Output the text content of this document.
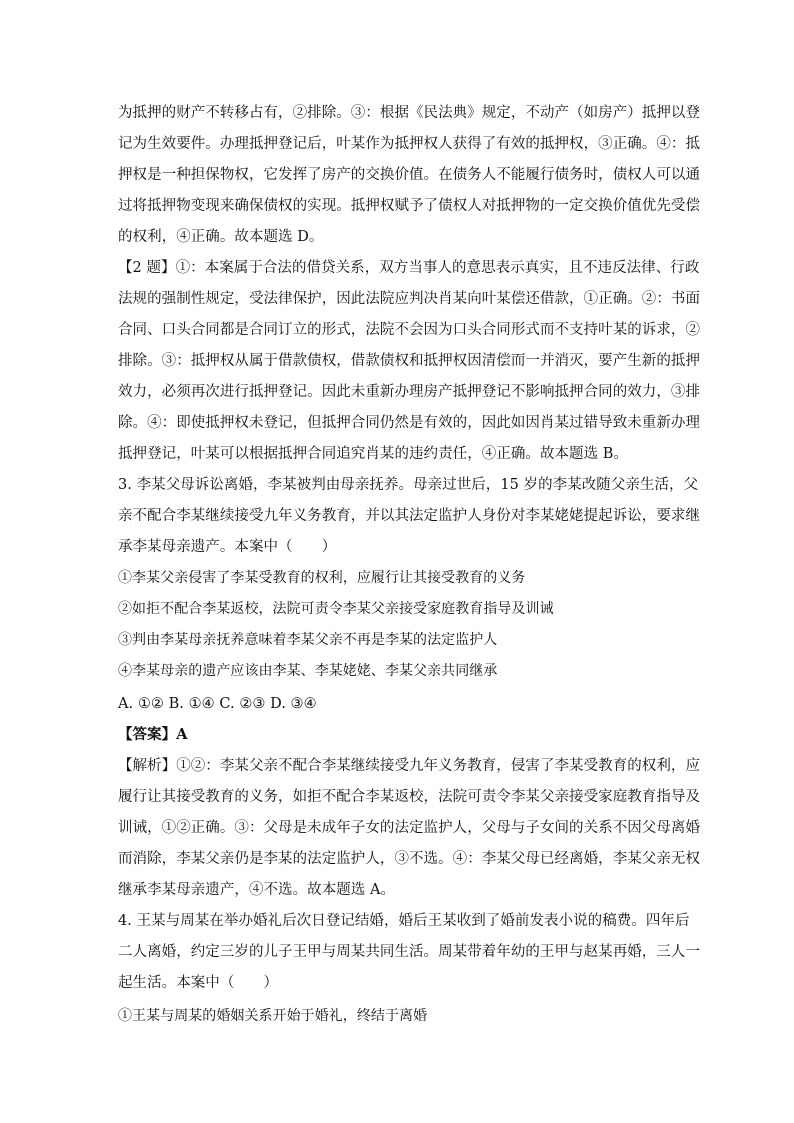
为抵押的财产不转移占有，②排除。③：根据《民法典》规定，不动产（如房产）抵押以登
记为生效要件。办理抵押登记后，叶某作为抵押权人获得了有效的抵押权，③正确。④：抵
押权是一种担保物权，它发挥了房产的交换价值。在债务人不能履行债务时，债权人可以通
过将抵押物变现来确保债权的实现。抵押权赋予了债权人对抵押物的一定交换价值优先受偿
的权利，④正确。故本题选 D。
【2 题】①：本案属于合法的借贷关系，双方当事人的意思表示真实，且不违反法律、行政
法规的强制性规定，受法律保护，因此法院应判决肖某向叶某偿还借款，①正确。②：书面
合同、口头合同都是合同订立的形式，法院不会因为口头合同形式而不支持叶某的诉求，②
排除。③：抵押权从属于借款债权，借款债权和抵押权因清偿而一并消灭，要产生新的抵押
效力，必须再次进行抵押登记。因此未重新办理房产抵押登记不影响抵押合同的效力，③排
除。④：即使抵押权未登记，但抵押合同仍然是有效的，因此如因肖某过错导致未重新办理
抵押登记，叶某可以根据抵押合同追究肖某的违约责任，④正确。故本题选 B。
3. 李某父母诉讼离婚，李某被判由母亲抚养。母亲过世后，15 岁的李某改随父亲生活，父
亲不配合李某继续接受九年义务教育，并以其法定监护人身份对李某姥姥提起诉讼，要求继
承李某母亲遗产。本案中（　　）
①李某父亲侵害了李某受教育的权利，应履行让其接受教育的义务
②如拒不配合李某返校，法院可责令李某父亲接受家庭教育指导及训诫
③判由李某母亲抚养意味着李某父亲不再是李某的法定监护人
④李某母亲的遗产应该由李某、李某姥姥、李某父亲共同继承
A. ①② B. ①④ C. ②③ D. ③④
【答案】A
【解析】①②：李某父亲不配合李某继续接受九年义务教育，侵害了李某受教育的权利，应
履行让其接受教育的义务，如拒不配合李某返校，法院可责令李某父亲接受家庭教育指导及
训诫，①②正确。③：父母是未成年子女的法定监护人，父母与子女间的关系不因父母离婚
而消除，李某父亲仍是李某的法定监护人，③不选。④：李某父母已经离婚，李某父亲无权
继承李某母亲遗产，④不选。故本题选 A。
4. 王某与周某在举办婚礼后次日登记结婚，婚后王某收到了婚前发表小说的稿费。四年后
二人离婚，约定三岁的儿子王甲与周某共同生活。周某带着年幼的王甲与赵某再婚，三人一
起生活。本案中（　　）
①王某与周某的婚姻关系开始于婚礼，终结于离婚
